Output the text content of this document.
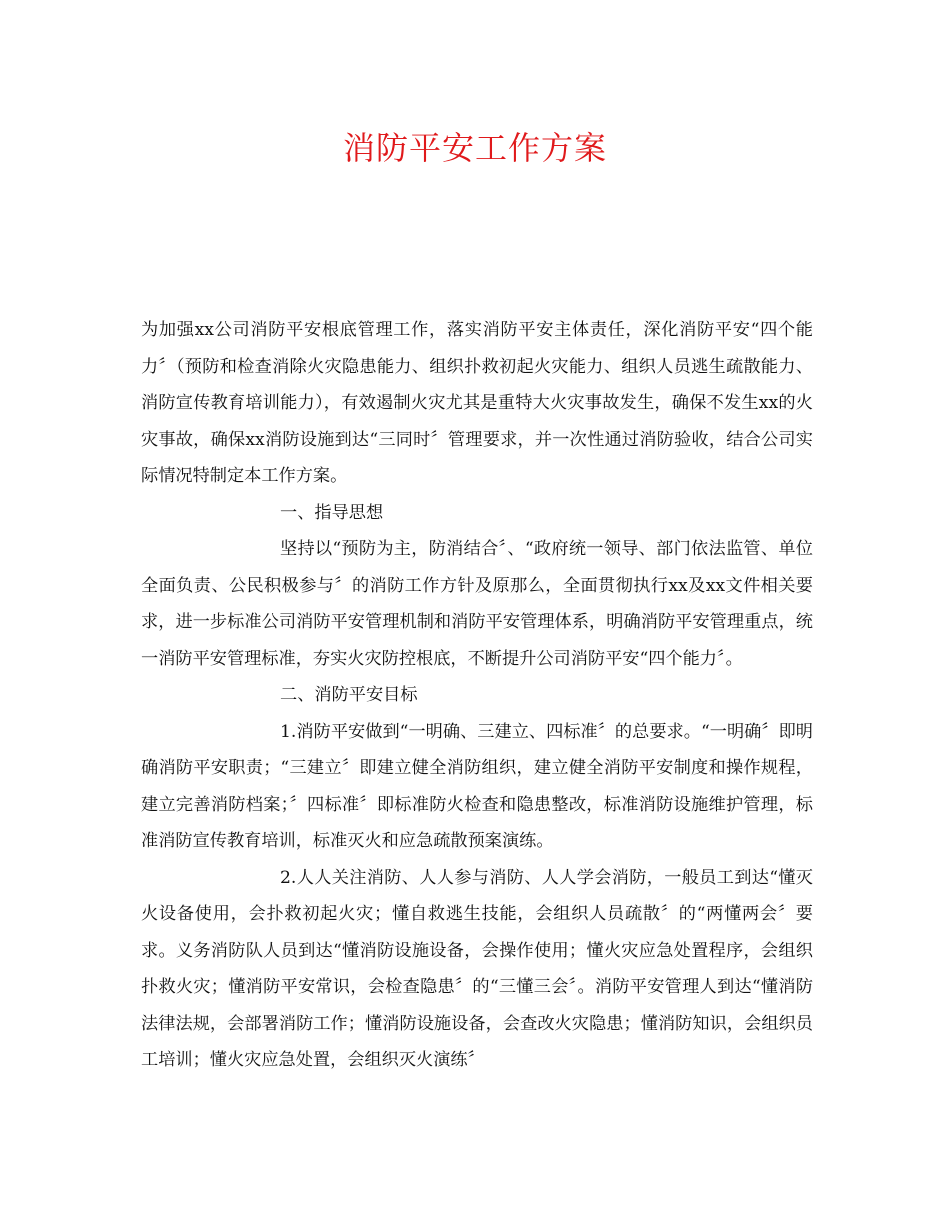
消防平安工作方案

为加强xx公司消防平安根底管理工作，落实消防平安主体责任，深化消防平安“四个能力〞（预防和检查消除火灾隐患能力、组织扑救初起火灾能力、组织人员逃生疏散能力、消防宣传教育培训能力），有效遏制火灾尤其是重特大火灾事故发生，确保不发生xx的火灾事故，确保xx消防设施到达“三同时〞管理要求，并一次性通过消防验收，结合公司实际情况特制定本工作方案。

一、指导思想

坚持以“预防为主，防消结合〞、“政府统一领导、部门依法监管、单位全面负责、公民积极参与〞的消防工作方针及原那么，全面贯彻执行xx及xx文件相关要求，进一步标准公司消防平安管理机制和消防平安管理体系，明确消防平安管理重点，统一消防平安管理标准，夯实火灾防控根底，不断提升公司消防平安“四个能力〞。

二、消防平安目标

1.消防平安做到“一明确、三建立、四标准〞的总要求。“一明确〞即明确消防平安职责；“三建立〞即建立健全消防组织，建立健全消防平安制度和操作规程，建立完善消防档案；〞四标准〞即标准防火检查和隐患整改，标准消防设施维护管理，标准消防宣传教育培训，标准灭火和应急疏散预案演练。

2.人人关注消防、人人参与消防、人人学会消防，一般员工到达“懂灭火设备使用，会扑救初起火灾；懂自救逃生技能，会组织人员疏散〞的“两懂两会〞要求。义务消防队人员到达“懂消防设施设备，会操作使用；懂火灾应急处置程序，会组织扑救火灾；懂消防平安常识，会检查隐患〞的“三懂三会〞。消防平安管理人到达“懂消防法律法规，会部署消防工作；懂消防设施设备，会查改火灾隐患；懂消防知识，会组织员工培训；懂火灾应急处置，会组织灭火演练〞
